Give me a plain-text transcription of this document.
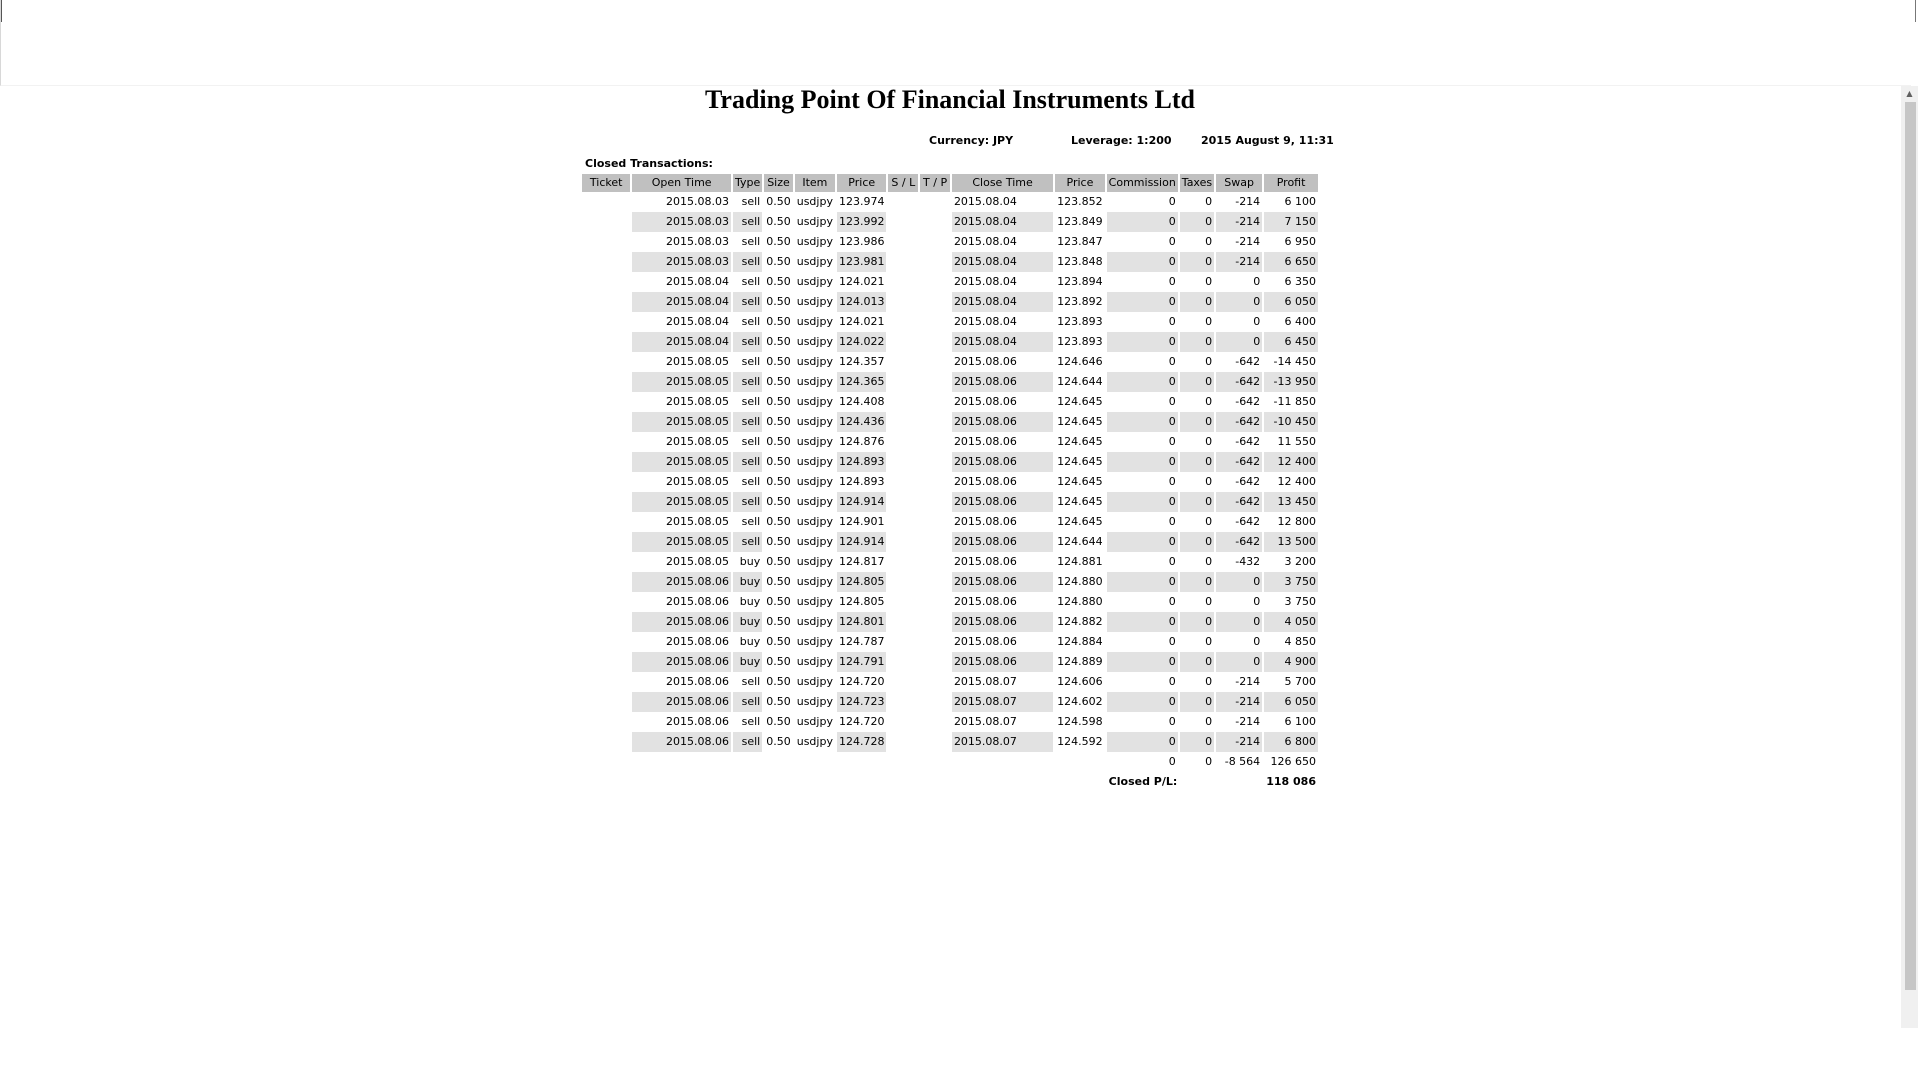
▲
Trading Point Of Financial Instruments Ltd
Currency: JPY	Leverage: 1:200	2015 August 9, 11:31
Closed Transactions:
Ticket	Open Time	Type	Size	Item	Price	S / L	T / P	Close Time	Price	Commission	Taxes	Swap	Profit
	2015.08.03	sell	0.50	usdjpy	123.974			2015.08.04	123.852	0	0	-214	6 100
	2015.08.03	sell	0.50	usdjpy	123.992			2015.08.04	123.849	0	0	-214	7 150
	2015.08.03	sell	0.50	usdjpy	123.986			2015.08.04	123.847	0	0	-214	6 950
	2015.08.03	sell	0.50	usdjpy	123.981			2015.08.04	123.848	0	0	-214	6 650
	2015.08.04	sell	0.50	usdjpy	124.021			2015.08.04	123.894	0	0	0	6 350
	2015.08.04	sell	0.50	usdjpy	124.013			2015.08.04	123.892	0	0	0	6 050
	2015.08.04	sell	0.50	usdjpy	124.021			2015.08.04	123.893	0	0	0	6 400
	2015.08.04	sell	0.50	usdjpy	124.022			2015.08.04	123.893	0	0	0	6 450
	2015.08.05	sell	0.50	usdjpy	124.357			2015.08.06	124.646	0	0	-642	-14 450
	2015.08.05	sell	0.50	usdjpy	124.365			2015.08.06	124.644	0	0	-642	-13 950
	2015.08.05	sell	0.50	usdjpy	124.408			2015.08.06	124.645	0	0	-642	-11 850
	2015.08.05	sell	0.50	usdjpy	124.436			2015.08.06	124.645	0	0	-642	-10 450
	2015.08.05	sell	0.50	usdjpy	124.876			2015.08.06	124.645	0	0	-642	11 550
	2015.08.05	sell	0.50	usdjpy	124.893			2015.08.06	124.645	0	0	-642	12 400
	2015.08.05	sell	0.50	usdjpy	124.893			2015.08.06	124.645	0	0	-642	12 400
	2015.08.05	sell	0.50	usdjpy	124.914			2015.08.06	124.645	0	0	-642	13 450
	2015.08.05	sell	0.50	usdjpy	124.901			2015.08.06	124.645	0	0	-642	12 800
	2015.08.05	sell	0.50	usdjpy	124.914			2015.08.06	124.644	0	0	-642	13 500
	2015.08.05	buy	0.50	usdjpy	124.817			2015.08.06	124.881	0	0	-432	3 200
	2015.08.06	buy	0.50	usdjpy	124.805			2015.08.06	124.880	0	0	0	3 750
	2015.08.06	buy	0.50	usdjpy	124.805			2015.08.06	124.880	0	0	0	3 750
	2015.08.06	buy	0.50	usdjpy	124.801			2015.08.06	124.882	0	0	0	4 050
	2015.08.06	buy	0.50	usdjpy	124.787			2015.08.06	124.884	0	0	0	4 850
	2015.08.06	buy	0.50	usdjpy	124.791			2015.08.06	124.889	0	0	0	4 900
	2015.08.06	sell	0.50	usdjpy	124.720			2015.08.07	124.606	0	0	-214	5 700
	2015.08.06	sell	0.50	usdjpy	124.723			2015.08.07	124.602	0	0	-214	6 050
	2015.08.06	sell	0.50	usdjpy	124.720			2015.08.07	124.598	0	0	-214	6 100
	2015.08.06	sell	0.50	usdjpy	124.728			2015.08.07	124.592	0	0	-214	6 800
										0	0	-8 564	126 650
										Closed P/L:			118 086
